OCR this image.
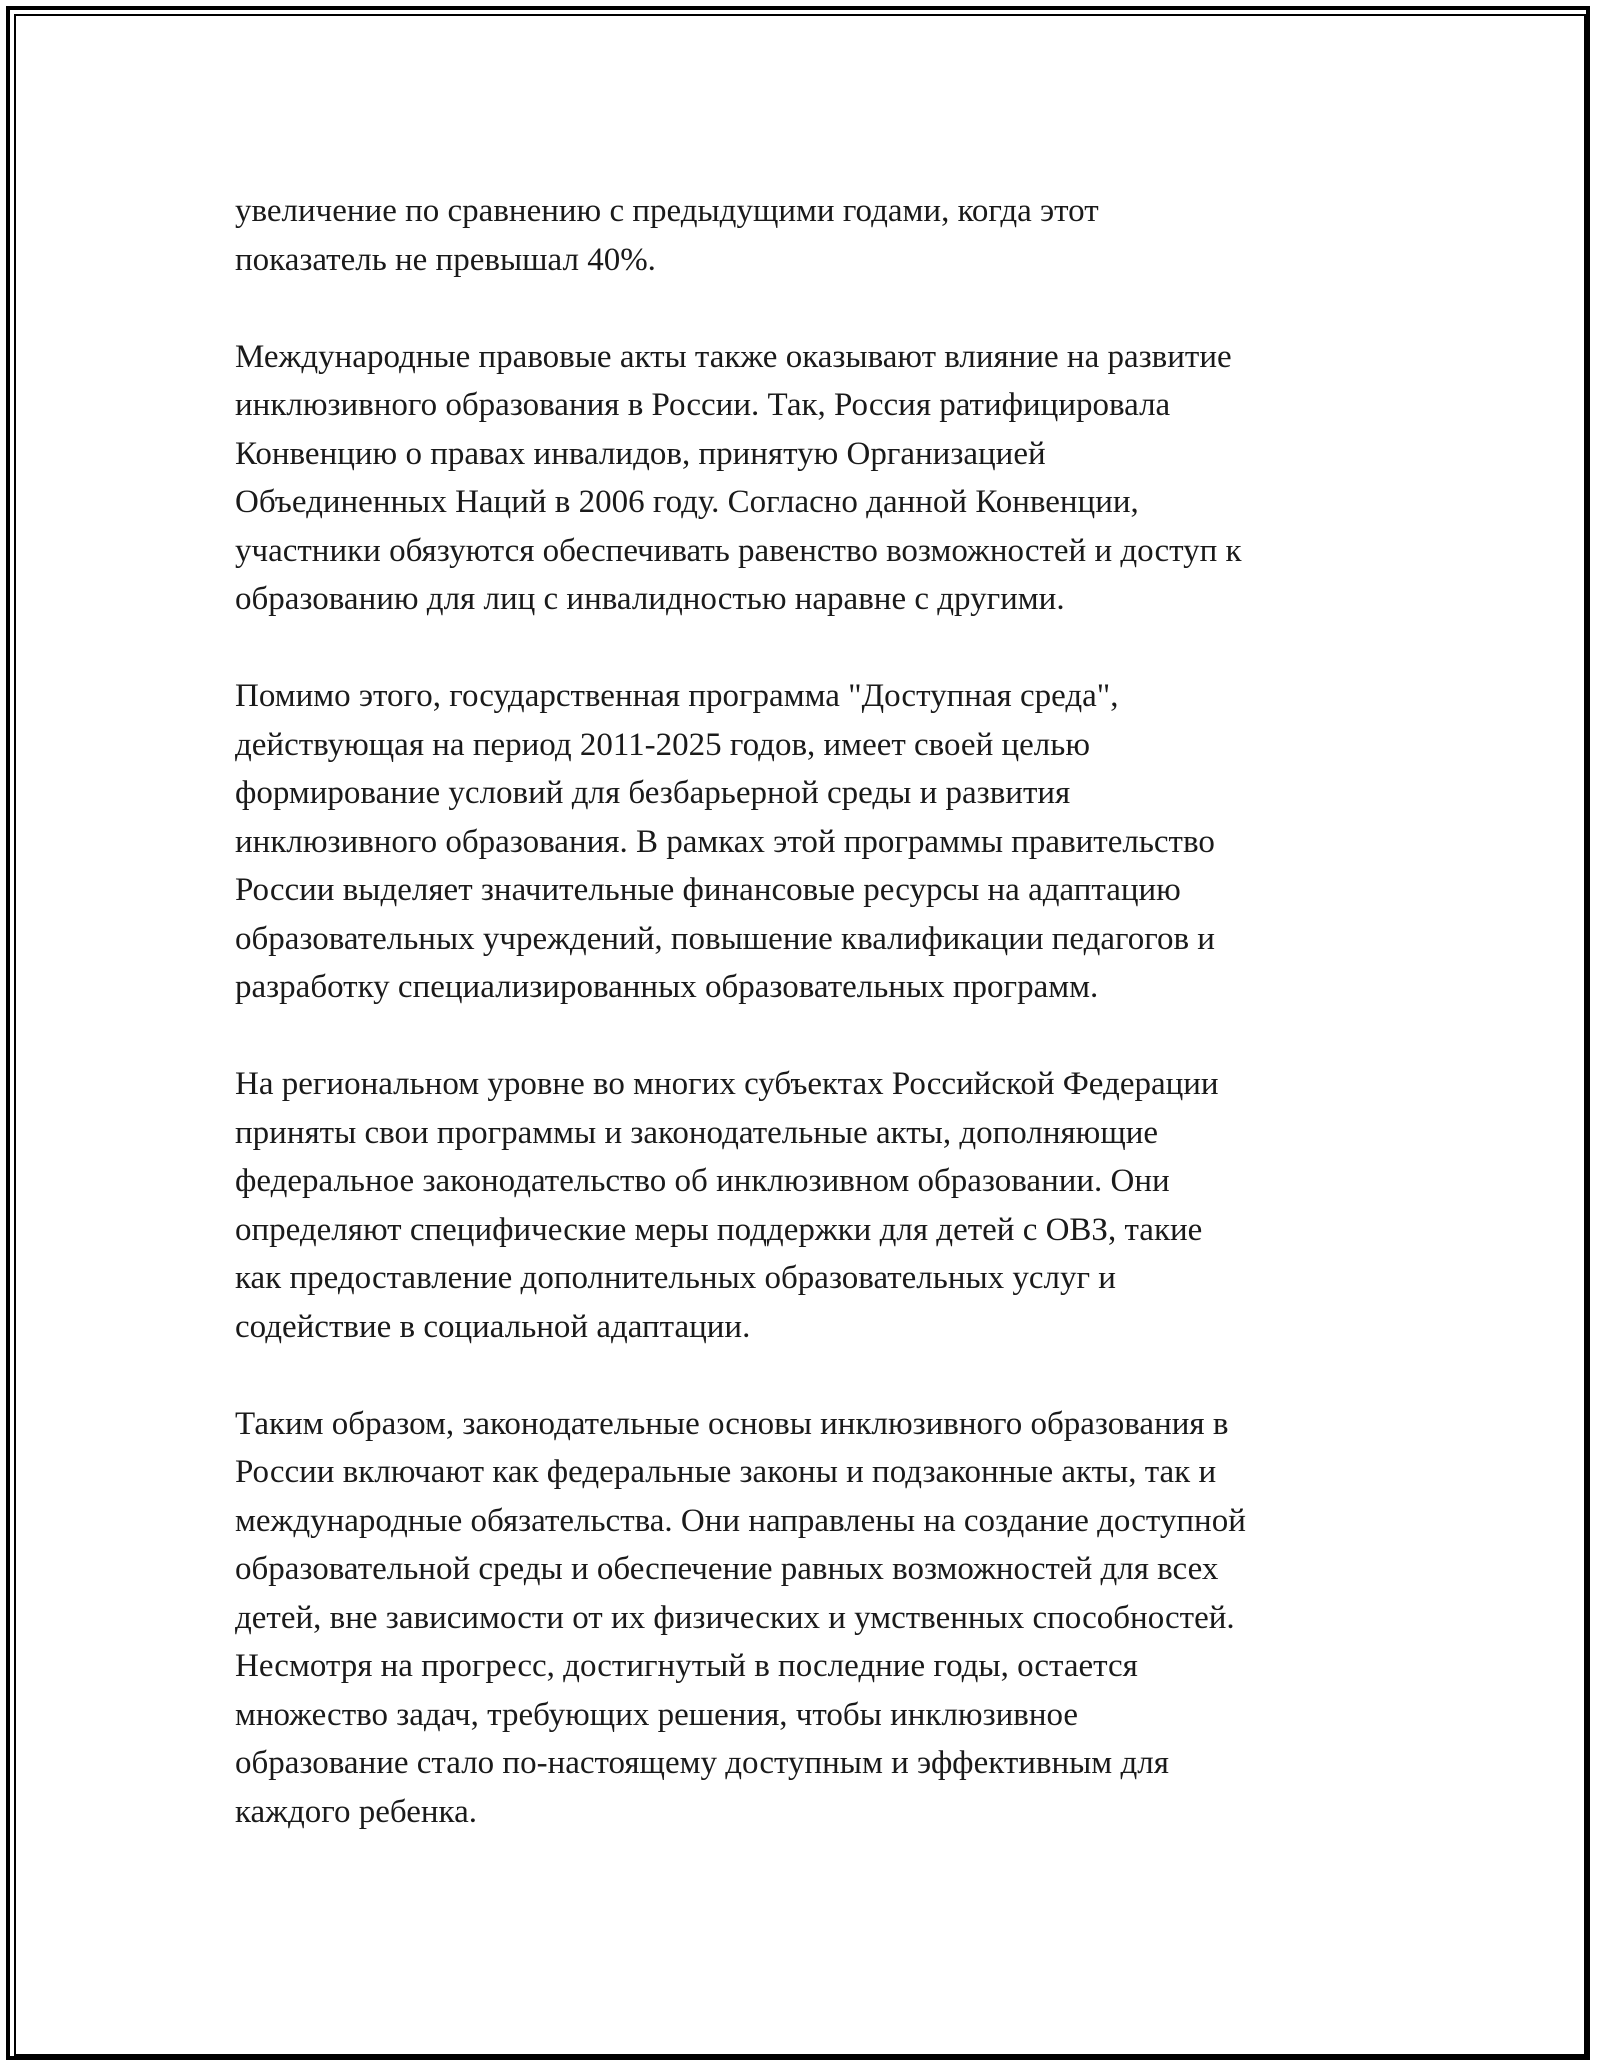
увеличение по сравнению с предыдущими годами, когда этот
показатель не превышал 40%.

Международные правовые акты также оказывают влияние на развитие
инклюзивного образования в России. Так, Россия ратифицировала
Конвенцию о правах инвалидов, принятую Организацией
Объединенных Наций в 2006 году. Согласно данной Конвенции,
участники обязуются обеспечивать равенство возможностей и доступ к
образованию для лиц с инвалидностью наравне с другими.

Помимо этого, государственная программа "Доступная среда",
действующая на период 2011-2025 годов, имеет своей целью
формирование условий для безбарьерной среды и развития
инклюзивного образования. В рамках этой программы правительство
России выделяет значительные финансовые ресурсы на адаптацию
образовательных учреждений, повышение квалификации педагогов и
разработку специализированных образовательных программ.

На региональном уровне во многих субъектах Российской Федерации
приняты свои программы и законодательные акты, дополняющие
федеральное законодательство об инклюзивном образовании. Они
определяют специфические меры поддержки для детей с ОВЗ, такие
как предоставление дополнительных образовательных услуг и
содействие в социальной адаптации.

Таким образом, законодательные основы инклюзивного образования в
России включают как федеральные законы и подзаконные акты, так и
международные обязательства. Они направлены на создание доступной
образовательной среды и обеспечение равных возможностей для всех
детей, вне зависимости от их физических и умственных способностей.
Несмотря на прогресс, достигнутый в последние годы, остается
множество задач, требующих решения, чтобы инклюзивное
образование стало по-настоящему доступным и эффективным для
каждого ребенка.
